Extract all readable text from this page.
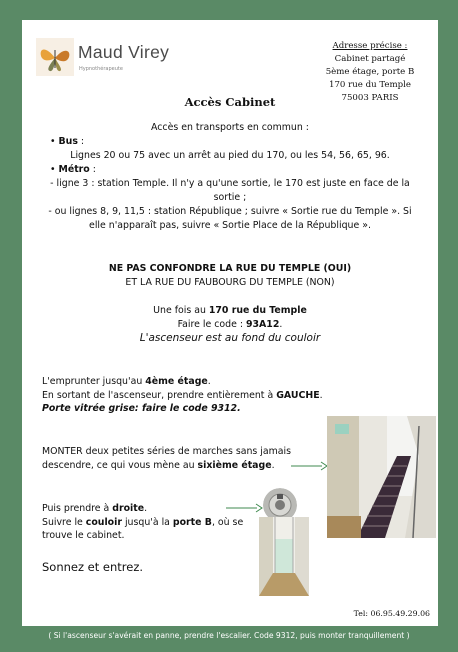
Maud Virey
Hypnothérapeute
Adresse précise :
Cabinet partagé
5ème étage, porte B
170 rue du Temple
75003 PARIS
Accès Cabinet
Accès en transports en commun :
• Bus :
Lignes 20 ou 75 avec un arrêt au pied du 170, ou les 54, 56, 65, 96.
• Métro :
- ligne 3 : station Temple. Il n'y a qu'une sortie, le 170 est juste en face de la sortie ;
- ou lignes 8, 9, 11,5 : station République ; suivre « Sortie rue du Temple ». Si elle n'apparaît pas, suivre « Sortie Place de la République ».
NE PAS CONFONDRE LA RUE DU TEMPLE (OUI)
ET LA RUE DU FAUBOURG DU TEMPLE (NON)
Une fois au 170 rue du Temple
Faire le code : 93A12.
L'ascenseur est au fond du couloir
L'emprunter jusqu'au 4ème étage.
En sortant de l'ascenseur, prendre entièrement à GAUCHE.
Porte vitrée grise: faire le code 9312.
MONTER deux petites séries de marches sans jamais
descendre, ce qui vous mène au sixième étage.
Puis prendre à droite.
Suivre le couloir jusqu'à la porte B, où se
trouve le cabinet.
Sonnez et entrez.
Tel: 06.95.49.29.06
( Si l'ascenseur s'avérait en panne, prendre l'escalier. Code 9312, puis monter tranquillement )
